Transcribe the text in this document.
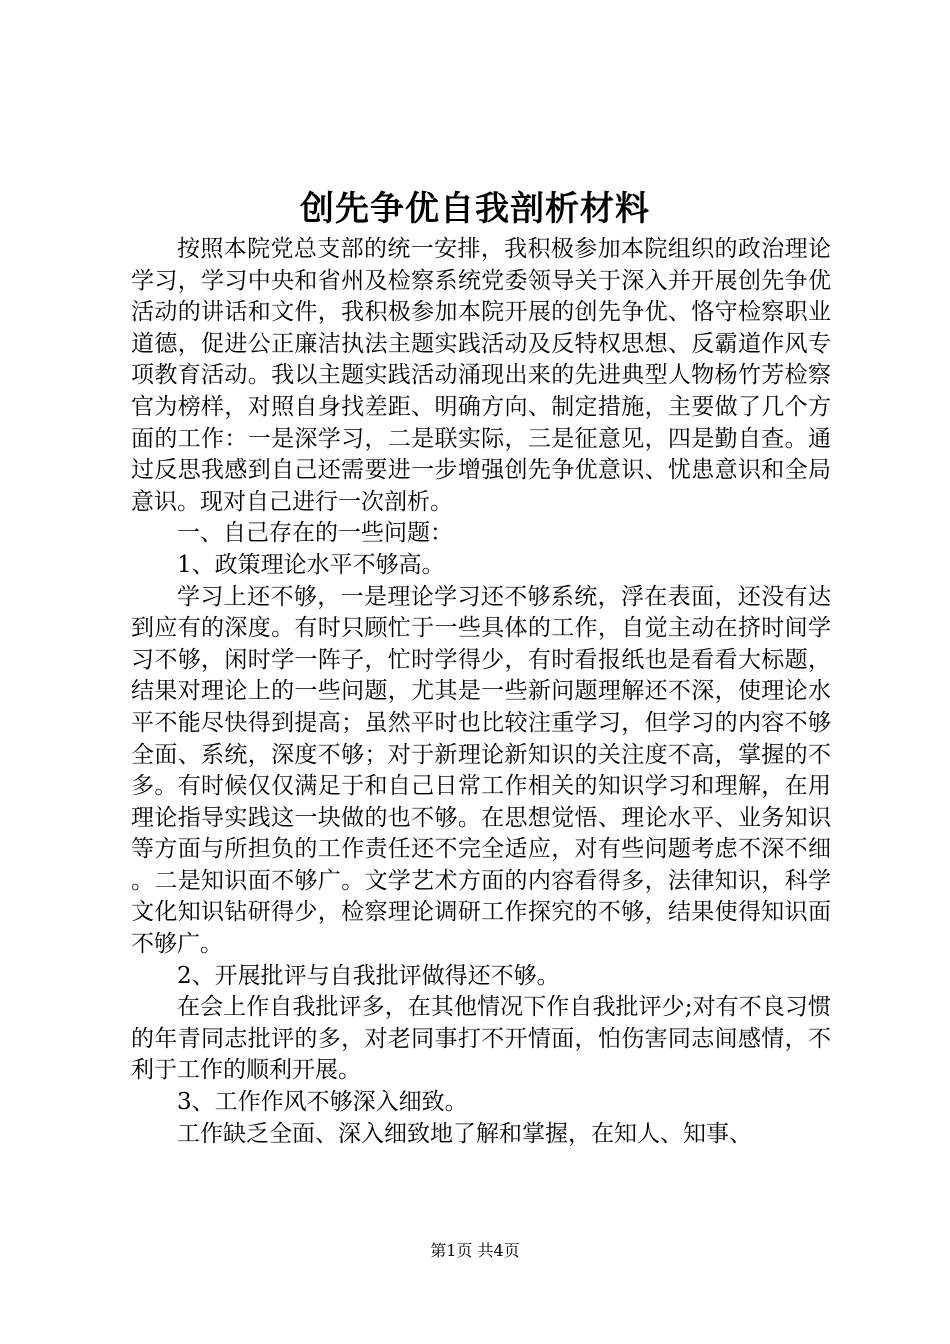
创先争优自我剖析材料

按照本院党总支部的统一安排，我积极参加本院组织的政治理论学习，学习中央和省州及检察系统党委领导关于深入并开展创先争优活动的讲话和文件，我积极参加本院开展的创先争优、恪守检察职业道德，促进公正廉洁执法主题实践活动及反特权思想、反霸道作风专项教育活动。我以主题实践活动涌现出来的先进典型人物杨竹芳检察官为榜样，对照自身找差距、明确方向、制定措施，主要做了几个方面的工作：一是深学习，二是联实际，三是征意见，四是勤自查。通过反思我感到自己还需要进一步增强创先争优意识、忧患意识和全局意识。现对自己进行一次剖析。

一、自己存在的一些问题：

1、政策理论水平不够高。

学习上还不够，一是理论学习还不够系统，浮在表面，还没有达到应有的深度。有时只顾忙于一些具体的工作，自觉主动在挤时间学习不够，闲时学一阵子，忙时学得少，有时看报纸也是看看大标题，结果对理论上的一些问题，尤其是一些新问题理解还不深，使理论水平不能尽快得到提高；虽然平时也比较注重学习，但学习的内容不够全面、系统，深度不够；对于新理论新知识的关注度不高，掌握的不多。有时候仅仅满足于和自己日常工作相关的知识学习和理解，在用理论指导实践这一块做的也不够。在思想觉悟、理论水平、业务知识等方面与所担负的工作责任还不完全适应，对有些问题考虑不深不细。二是知识面不够广。文学艺术方面的内容看得多，法律知识，科学文化知识钻研得少，检察理论调研工作探究的不够，结果使得知识面不够广。

2、开展批评与自我批评做得还不够。

在会上作自我批评多，在其他情况下作自我批评少;对有不良习惯的年青同志批评的多，对老同事打不开情面，怕伤害同志间感情，不利于工作的顺利开展。

3、工作作风不够深入细致。

工作缺乏全面、深入细致地了解和掌握，在知人、知事、

第1页 共4页
